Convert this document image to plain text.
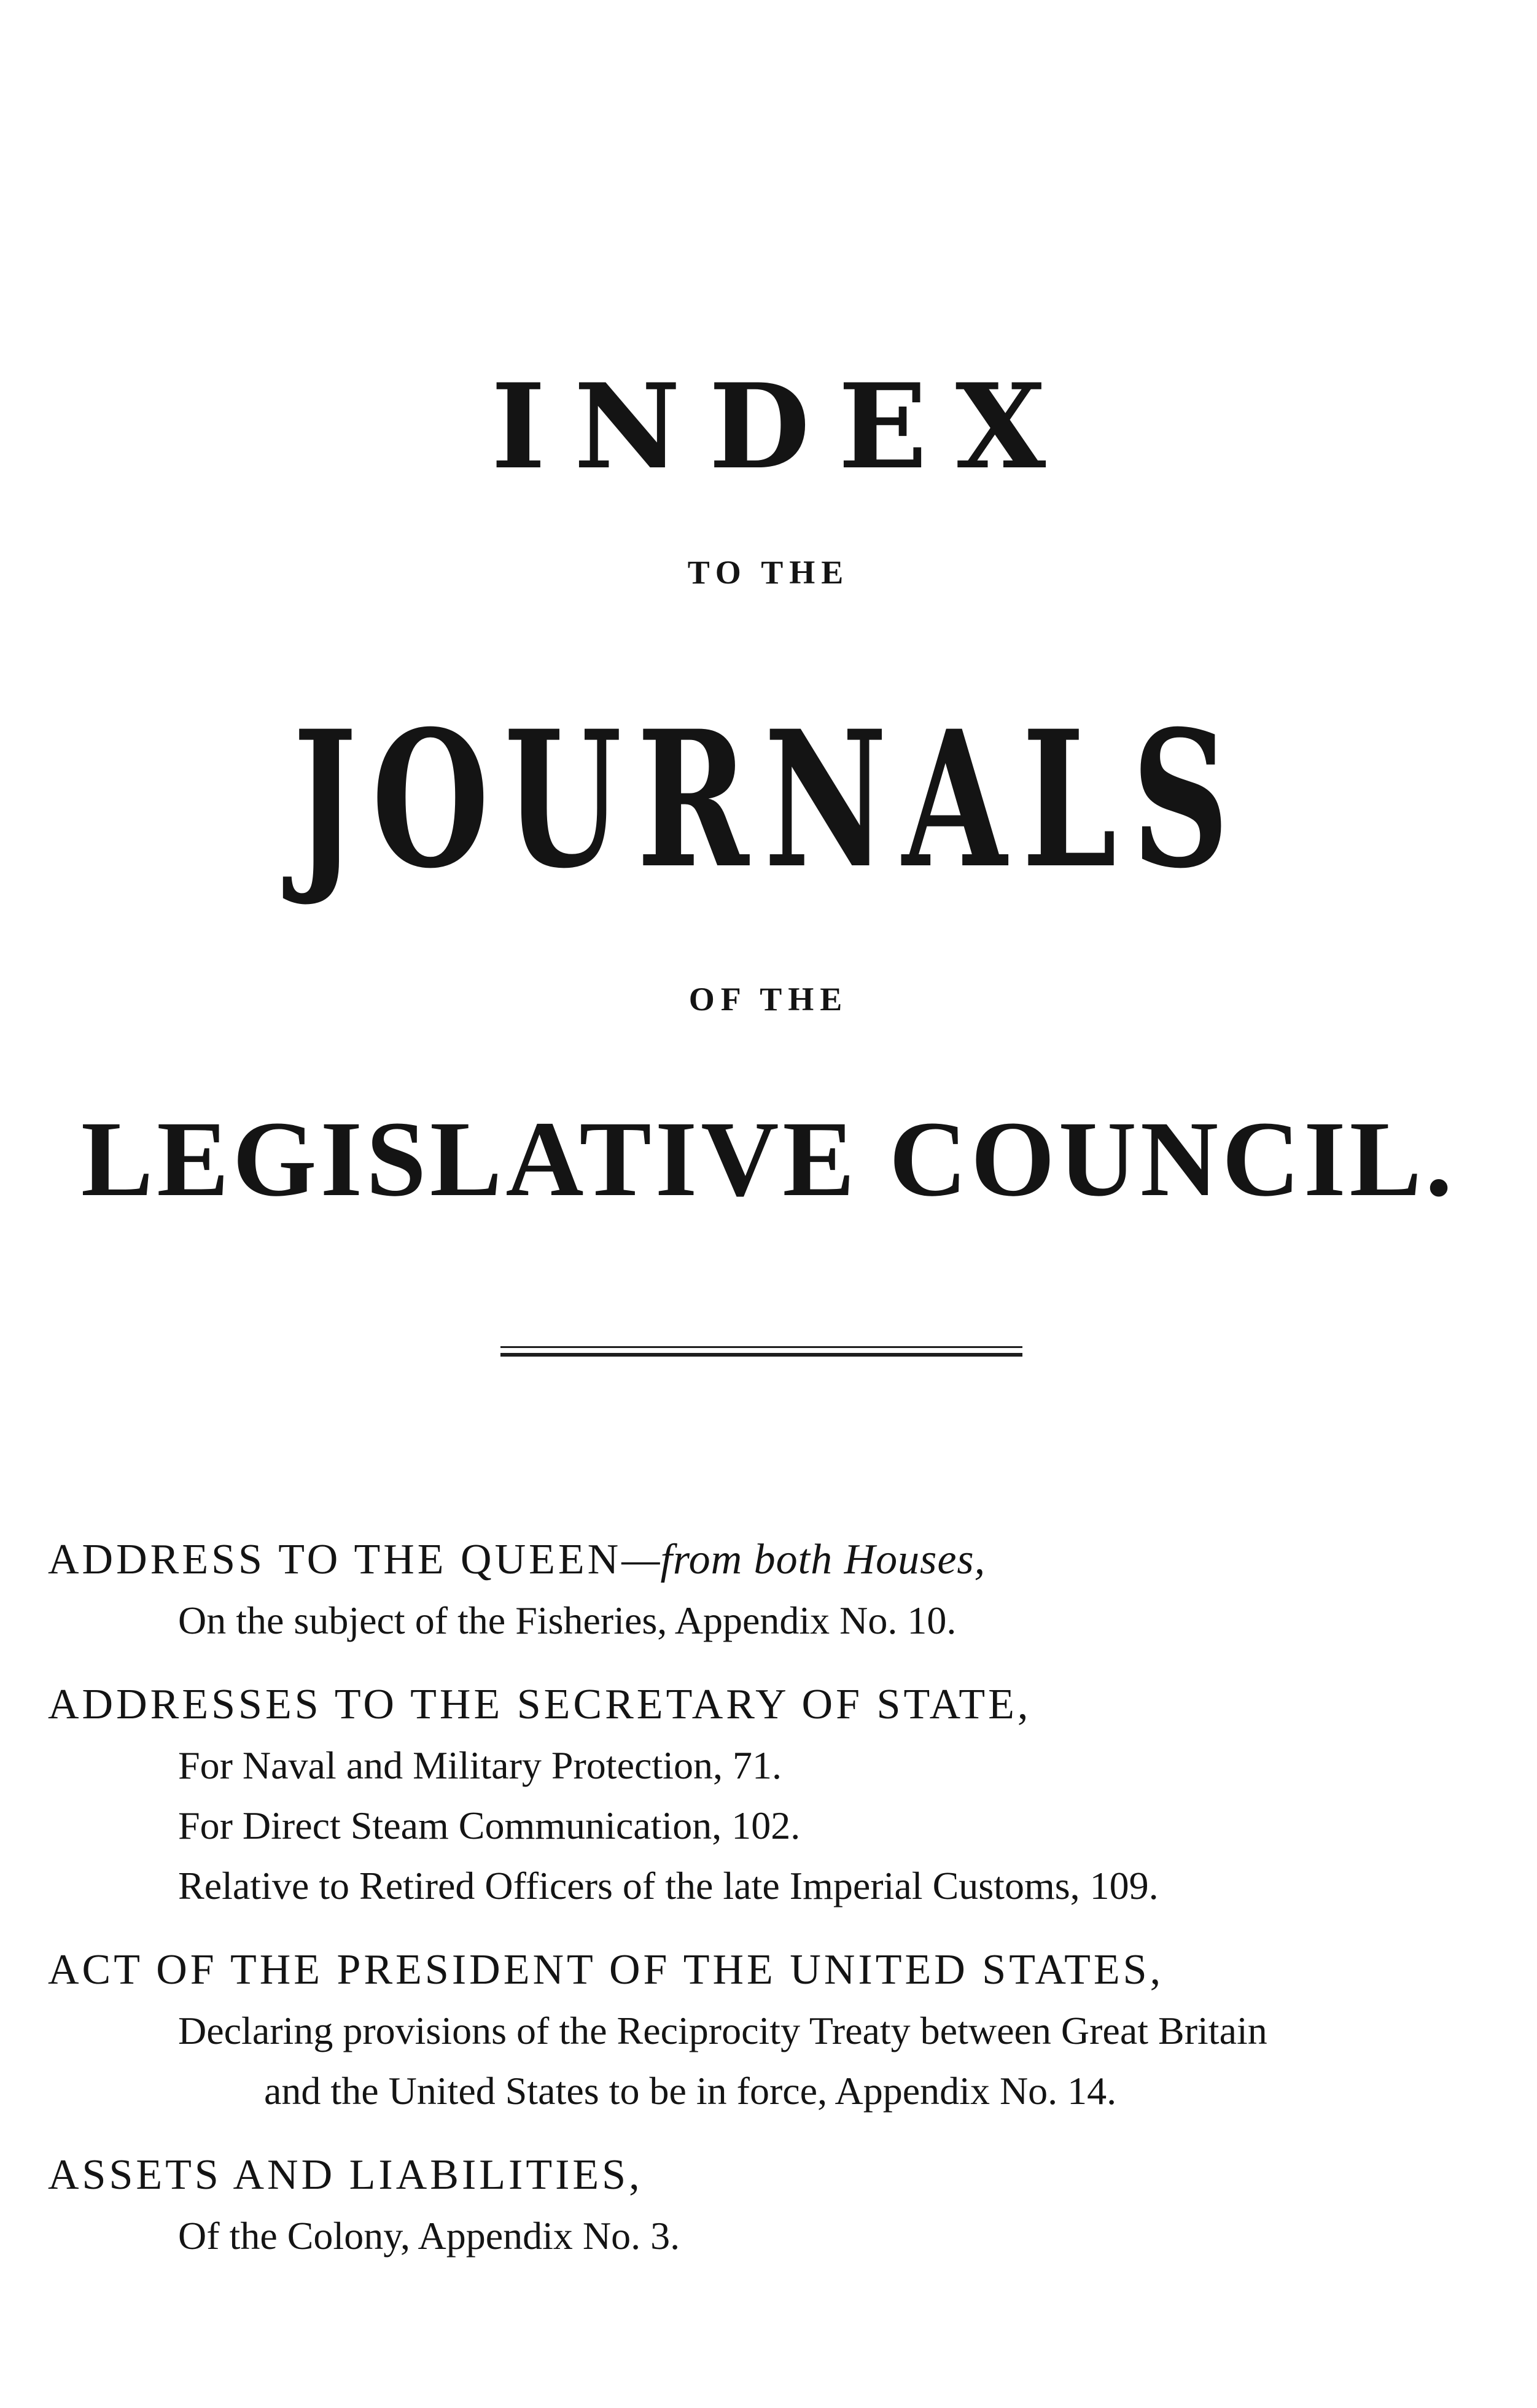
INDEX
TO THE
JOURNALS
OF THE
LEGISLATIVE COUNCIL.
ADDRESS TO THE QUEEN—from both Houses,
On the subject of the Fisheries, Appendix No. 10.
ADDRESSES TO THE SECRETARY OF STATE,
For Naval and Military Protection, 71.
For Direct Steam Communication, 102.
Relative to Retired Officers of the late Imperial Customs, 109.
ACT OF THE PRESIDENT OF THE UNITED STATES,
Declaring provisions of the Reciprocity Treaty between Great Britain
and the United States to be in force, Appendix No. 14.
ASSETS AND LIABILITIES,
Of the Colony, Appendix No. 3.
